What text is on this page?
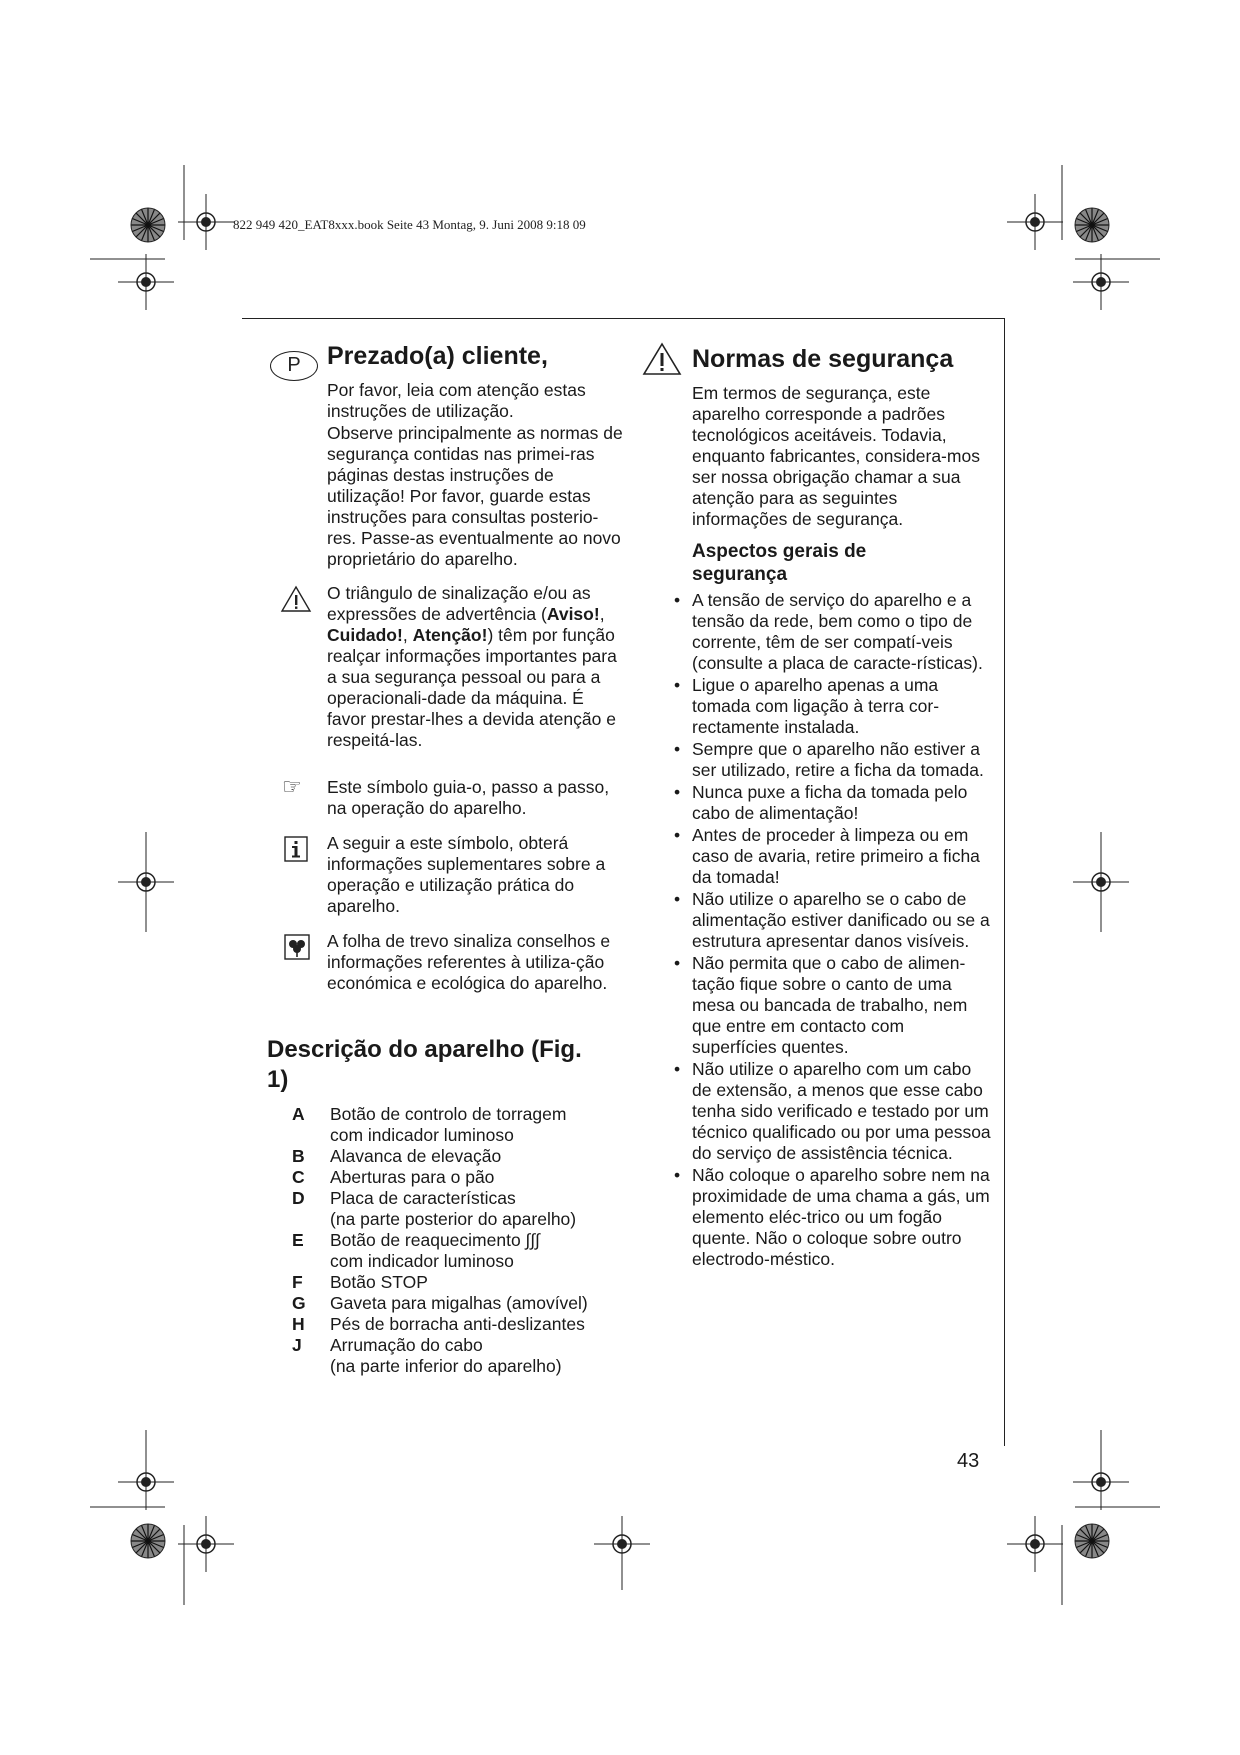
822 949 420_EAT8xxx.book Seite 43 Montag, 9. Juni 2008 9:18 09
P	Prezado(a) cliente,
Por favor, leia com atenção estas instruções de utilização.
Observe principalmente as normas de segurança contidas nas primei-ras páginas destas instruções de utilização! Por favor, guarde estas instruções para consultas posterio-res. Passe-as eventualmente ao novo proprietário do aparelho.
O triângulo de sinalização e/ou as expressões de advertência (Aviso!, Cuidado!, Atenção!) têm por função realçar informações importantes para a sua segurança pessoal ou para a operacionali-dade da máquina. É favor prestar-lhes a devida atenção e respeitá-las.
☞ Este símbolo guia-o, passo a passo, na operação do aparelho.
A seguir a este símbolo, obterá informações suplementares sobre a operação e utilização prática do aparelho.
A folha de trevo sinaliza conselhos e informações referentes à utiliza-ção económica e ecológica do aparelho.
Descrição do aparelho (Fig. 1)
A	Botão de controlo de torragem
com indicador luminoso

B	Alavanca de elevação

C	Aberturas para o pão

D	Placa de características
(na parte posterior do aparelho)

E	Botão de reaquecimento ∫∫∫
com indicador luminoso

F	Botão STOP

G	Gaveta para migalhas (amovível)

H	Pés de borracha anti-deslizantes

J	Arrumação do cabo
(na parte inferior do aparelho)
Normas de segurança
Em termos de segurança, este aparelho corresponde a padrões tecnológicos aceitáveis. Todavia, enquanto fabricantes, considera-mos ser nossa obrigação chamar a sua atenção para as seguintes informações de segurança.
Aspectos gerais de segurança
• A tensão de serviço do aparelho e a tensão da rede, bem como o tipo de corrente, têm de ser compatí-veis (consulte a placa de caracte-rísticas).
• Ligue o aparelho apenas a uma tomada com ligação à terra cor-rectamente instalada.
• Sempre que o aparelho não estiver a ser utilizado, retire a ficha da tomada.
• Nunca puxe a ficha da tomada pelo cabo de alimentação!
• Antes de proceder à limpeza ou em caso de avaria, retire primeiro a ficha da tomada!
• Não utilize o aparelho se o cabo de alimentação estiver danificado ou se a estrutura apresentar danos visíveis.
• Não permita que o cabo de alimen-tação fique sobre o canto de uma mesa ou bancada de trabalho, nem que entre em contacto com superfícies quentes.
• Não utilize o aparelho com um cabo de extensão, a menos que esse cabo tenha sido verificado e testado por um técnico qualificado ou por uma pessoa do serviço de assistência técnica.
• Não coloque o aparelho sobre nem na proximidade de uma chama a gás, um elemento eléc-trico ou um fogão quente. Não o coloque sobre outro electrodo-méstico.
43
